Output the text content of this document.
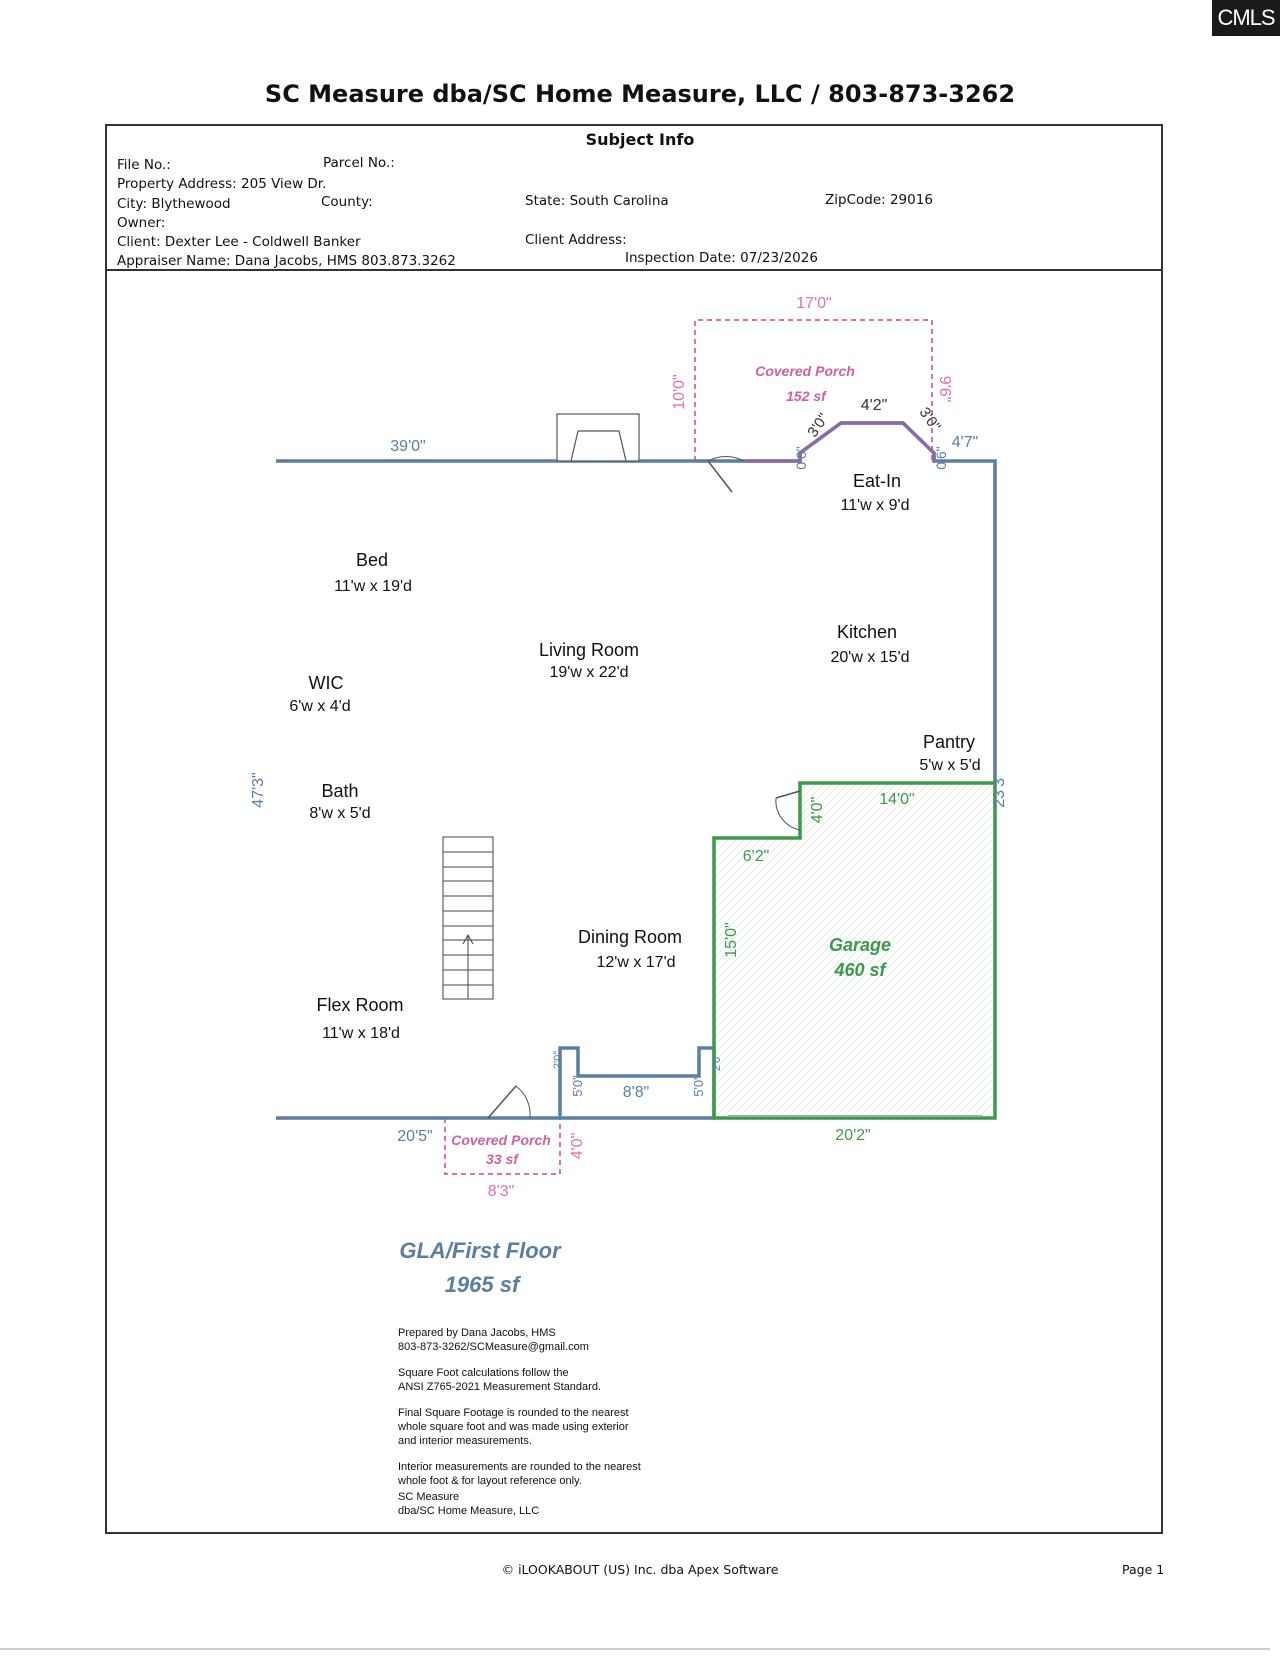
CMLS
SC Measure dba/SC Home Measure, LLC / 803-873-3262
Subject Info
File No.:	Parcel No.:
Property Address: 205 View Dr.
City: Blythewood	County:	State: South Carolina	ZipCode: 29016
Owner:
Client: Dexter Lee - Coldwell Banker	Client Address:
Appraiser Name: Dana Jacobs, HMS 803.873.3262	Inspection Date: 07/23/2026
Eat-In
11'w x 9'd
Bed
11'w x 19'd
Living Room
19'w x 22'd
Kitchen
20'w x 15'd
WIC
6'w x 4'd
Pantry
5'w x 5'd
Bath
8'w x 5'd
Dining Room
12'w x 17'd
Flex Room
11'w x 18'd
Garage
460 sf
Covered Porch
152 sf
Covered Porch
33 sf
39'0"
17'0"
10'0"	9'6"
4'2"
3'0"	3'0"
0'6"	0'6"
4'7"
47'3"	23'3"
14'0"
4'0"
6'2"
15'0"
20'2"
20'5"
8'3"
4'0"
8'8"
5'0"
2'0"
5'0"
2'0"
GLA/First Floor
1965 sf
Prepared by Dana Jacobs, HMS
803-873-3262/SCMeasure@gmail.com
Square Foot calculations follow the
ANSI Z765-2021 Measurement Standard.
Final Square Footage is rounded to the nearest
whole square foot and was made using exterior
and interior measurements.
Interior measurements are rounded to the nearest
whole foot & for layout reference only.
SC Measure
dba/SC Home Measure, LLC
© iLOOKABOUT (US) Inc. dba Apex Software	Page 1
